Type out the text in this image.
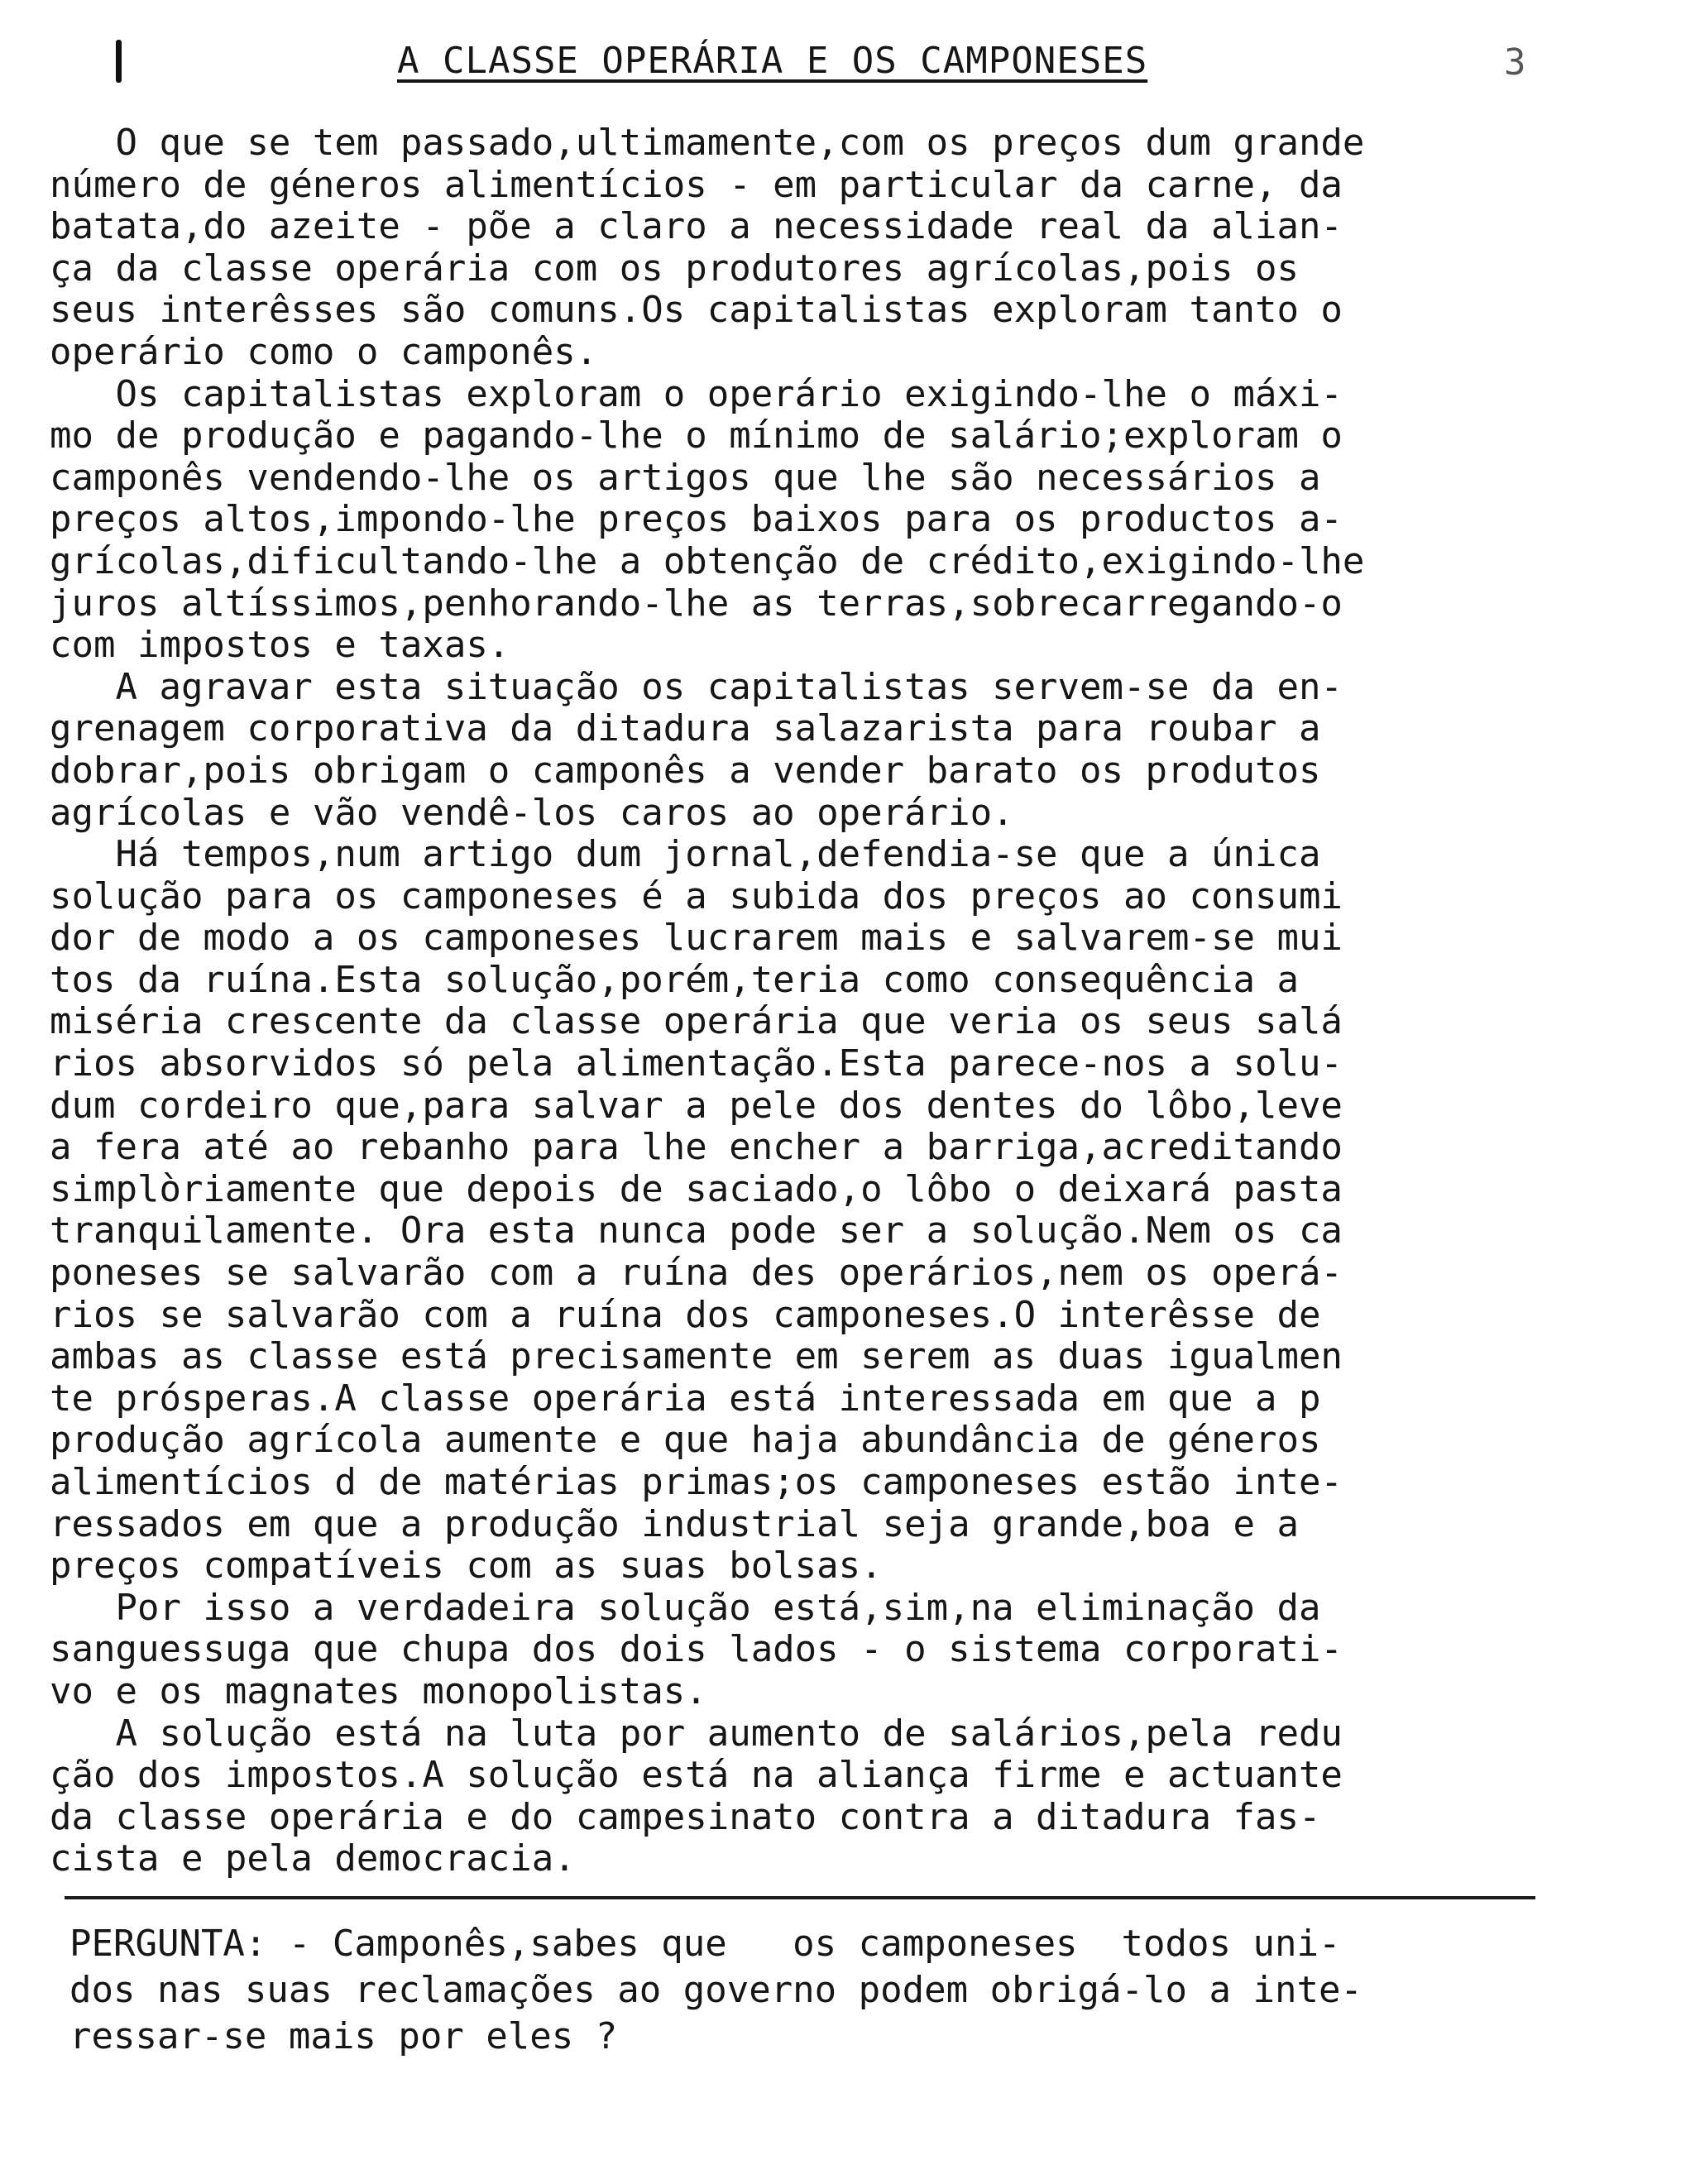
A CLASSE OPERÁRIA E OS CAMPONESES	3
O que se tem passado,ultimamente,com os preços dum grande
número de géneros alimentícios - em particular da carne, da
batata,do azeite - põe a claro a necessidade real da alian-
ça da classe operária com os produtores agrícolas,pois os
seus interêsses são comuns.Os capitalistas exploram tanto o
operário como o camponês.
Os capitalistas exploram o operário exigindo-lhe o máxi-
mo de produção e pagando-lhe o mínimo de salário;exploram o
camponês vendendo-lhe os artigos que lhe são necessários a
preços altos,impondo-lhe preços baixos para os productos a-
grícolas,dificultando-lhe a obtenção de crédito,exigindo-lhe
juros altíssimos,penhorando-lhe as terras,sobrecarregando-o
com impostos e taxas.
A agravar esta situação os capitalistas servem-se da en-
grenagem corporativa da ditadura salazarista para roubar a
dobrar,pois obrigam o camponês a vender barato os produtos
agrícolas e vão vendê-los caros ao operário.
Há tempos,num artigo dum jornal,defendia-se que a única
solução para os camponeses é a subida dos preços ao consumi
dor de modo a os camponeses lucrarem mais e salvarem-se mui
tos da ruína.Esta solução,porém,teria como consequência a
miséria crescente da classe operária que veria os seus salá
rios absorvidos só pela alimentação.Esta parece-nos a solu-
dum cordeiro que,para salvar a pele dos dentes do lôbo,leve
a fera até ao rebanho para lhe encher a barriga,acreditando
simplòriamente que depois de saciado,o lôbo o deixará pasta
tranquilamente. Ora esta nunca pode ser a solução.Nem os ca
poneses se salvarão com a ruína des operários,nem os operá-
rios se salvarão com a ruína dos camponeses.O interêsse de
ambas as classe está precisamente em serem as duas igualmen
te prósperas.A classe operária está interessada em que a p
produção agrícola aumente e que haja abundância de géneros
alimentícios d de matérias primas;os camponeses estão inte-
ressados em que a produção industrial seja grande,boa e a
preços compatíveis com as suas bolsas.
Por isso a verdadeira solução está,sim,na eliminação da
sanguessuga que chupa dos dois lados - o sistema corporati-
vo e os magnates monopolistas.
A solução está na luta por aumento de salários,pela redu
ção dos impostos.A solução está na aliança firme e actuante
da classe operária e do campesinato contra a ditadura fas-
cista e pela democracia.
PERGUNTA: - Camponês,sabes que   os camponeses  todos uni-
dos nas suas reclamações ao governo podem obrigá-lo a inte-
ressar-se mais por eles ?
